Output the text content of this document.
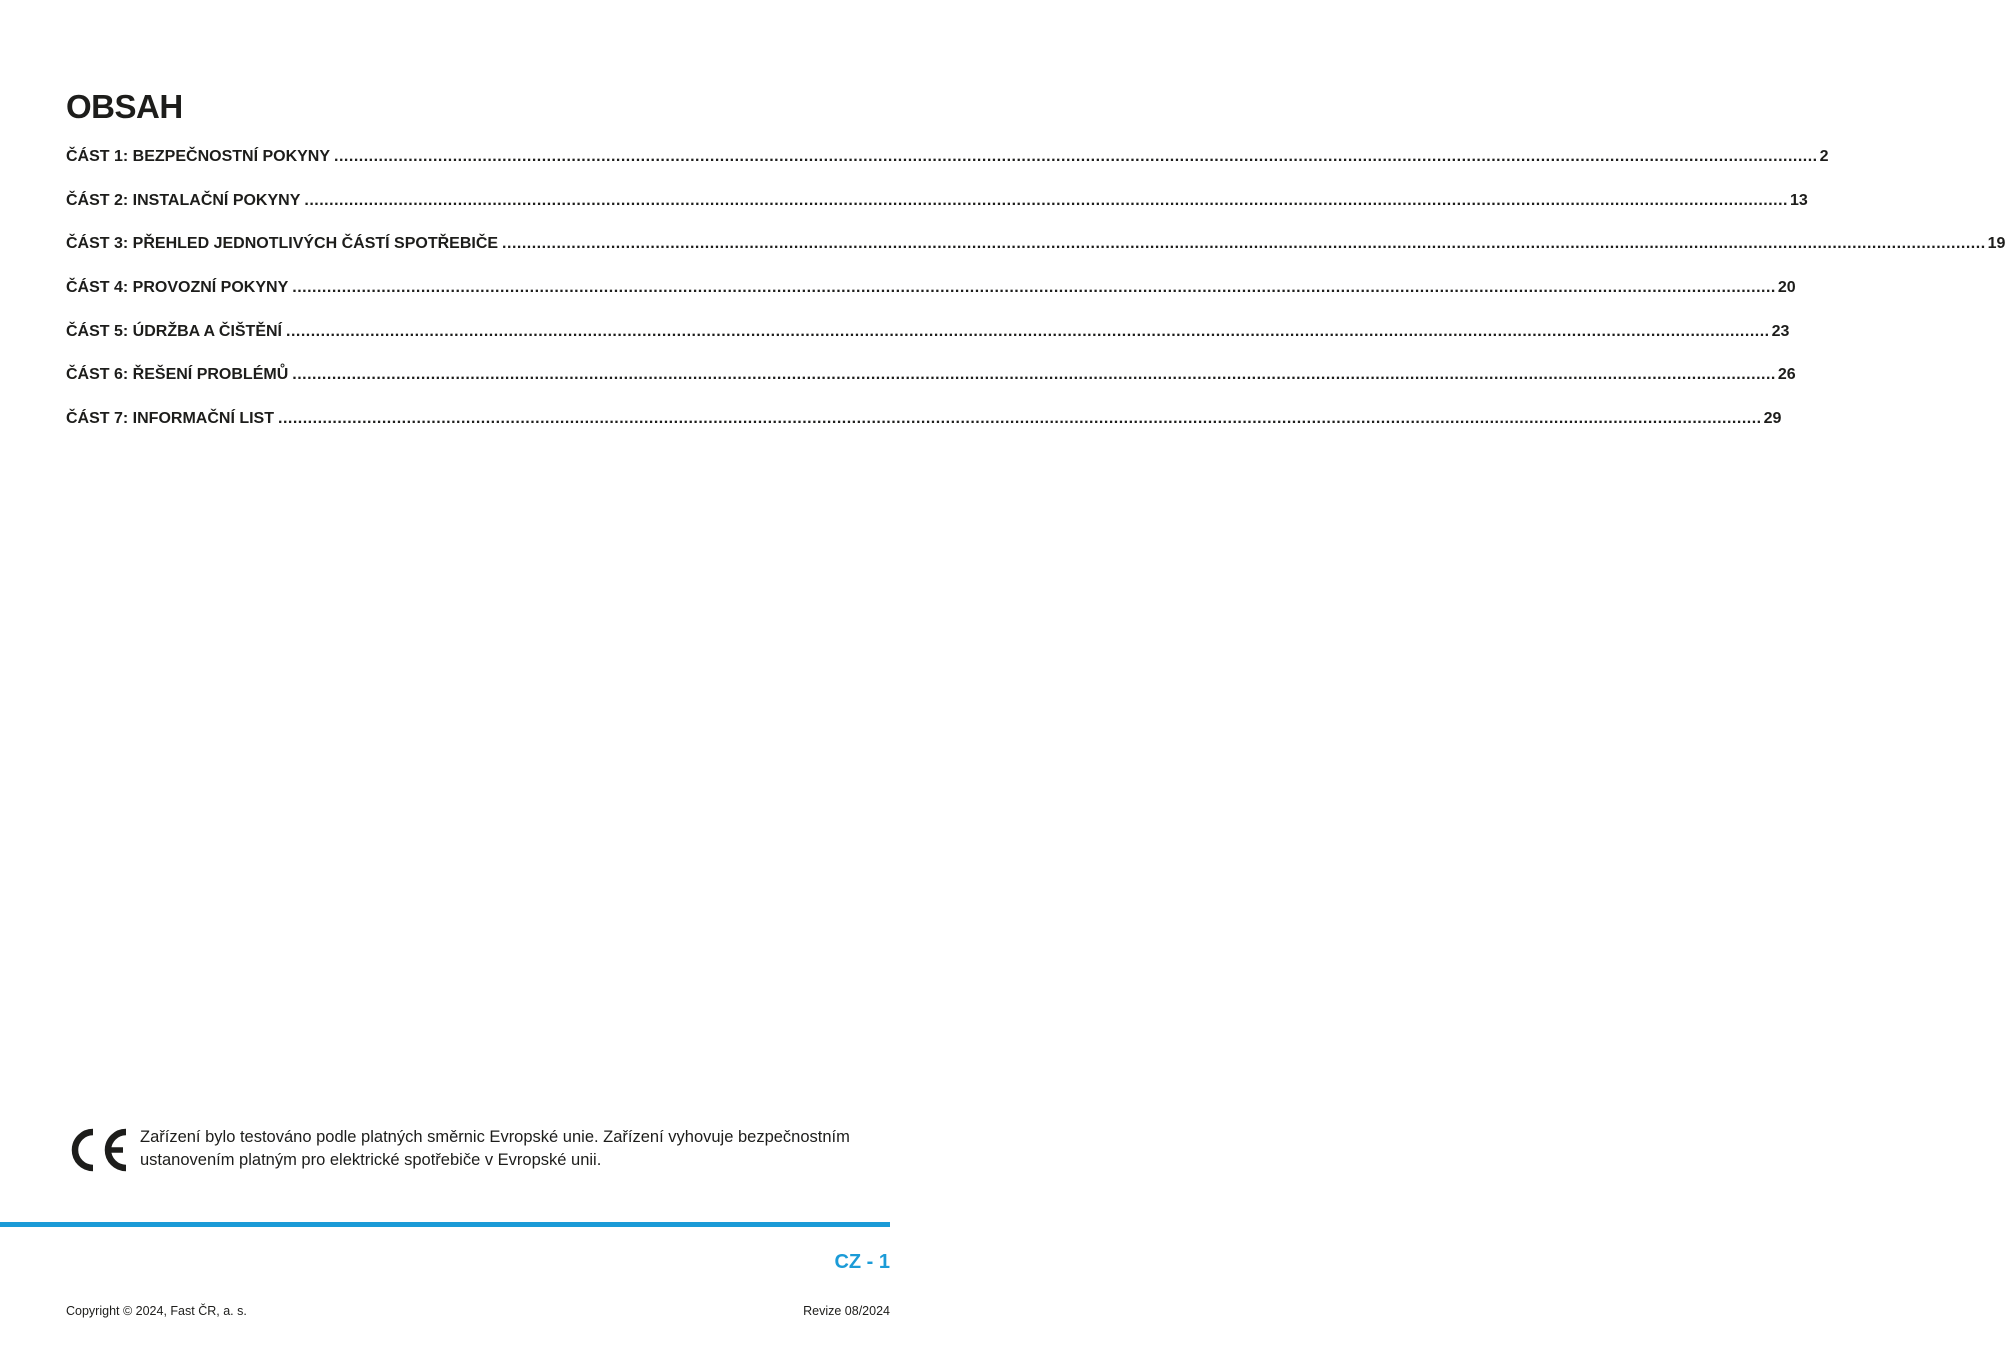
OBSAH
ČÁST 1: BEZPEČNOSTNÍ POKYNY ............................................................................................................................................................................................................................................................................................................ 2
ČÁST 2: INSTALAČNÍ POKYNY ............................................................................................................................................................................................................................................................................................................ 13
ČÁST 3: PŘEHLED JEDNOTLIVÝCH ČÁSTÍ SPOTŘEBIČE ............................................................................................................................................................................................................................................................................................................ 19
ČÁST 4: PROVOZNÍ POKYNY ............................................................................................................................................................................................................................................................................................................ 20
ČÁST 5: ÚDRŽBA A ČIŠTĚNÍ ............................................................................................................................................................................................................................................................................................................ 23
ČÁST 6: ŘEŠENÍ PROBLÉMŮ ............................................................................................................................................................................................................................................................................................................ 26
ČÁST 7: INFORMAČNÍ LIST ............................................................................................................................................................................................................................................................................................................ 29
Zařízení bylo testováno podle platných směrnic Evropské unie. Zařízení vyhovuje bezpečnostním ustanovením platným pro elektrické spotřebiče v Evropské unii.
CZ - 1
Copyright © 2024, Fast ČR, a. s.	Revize 08/2024
